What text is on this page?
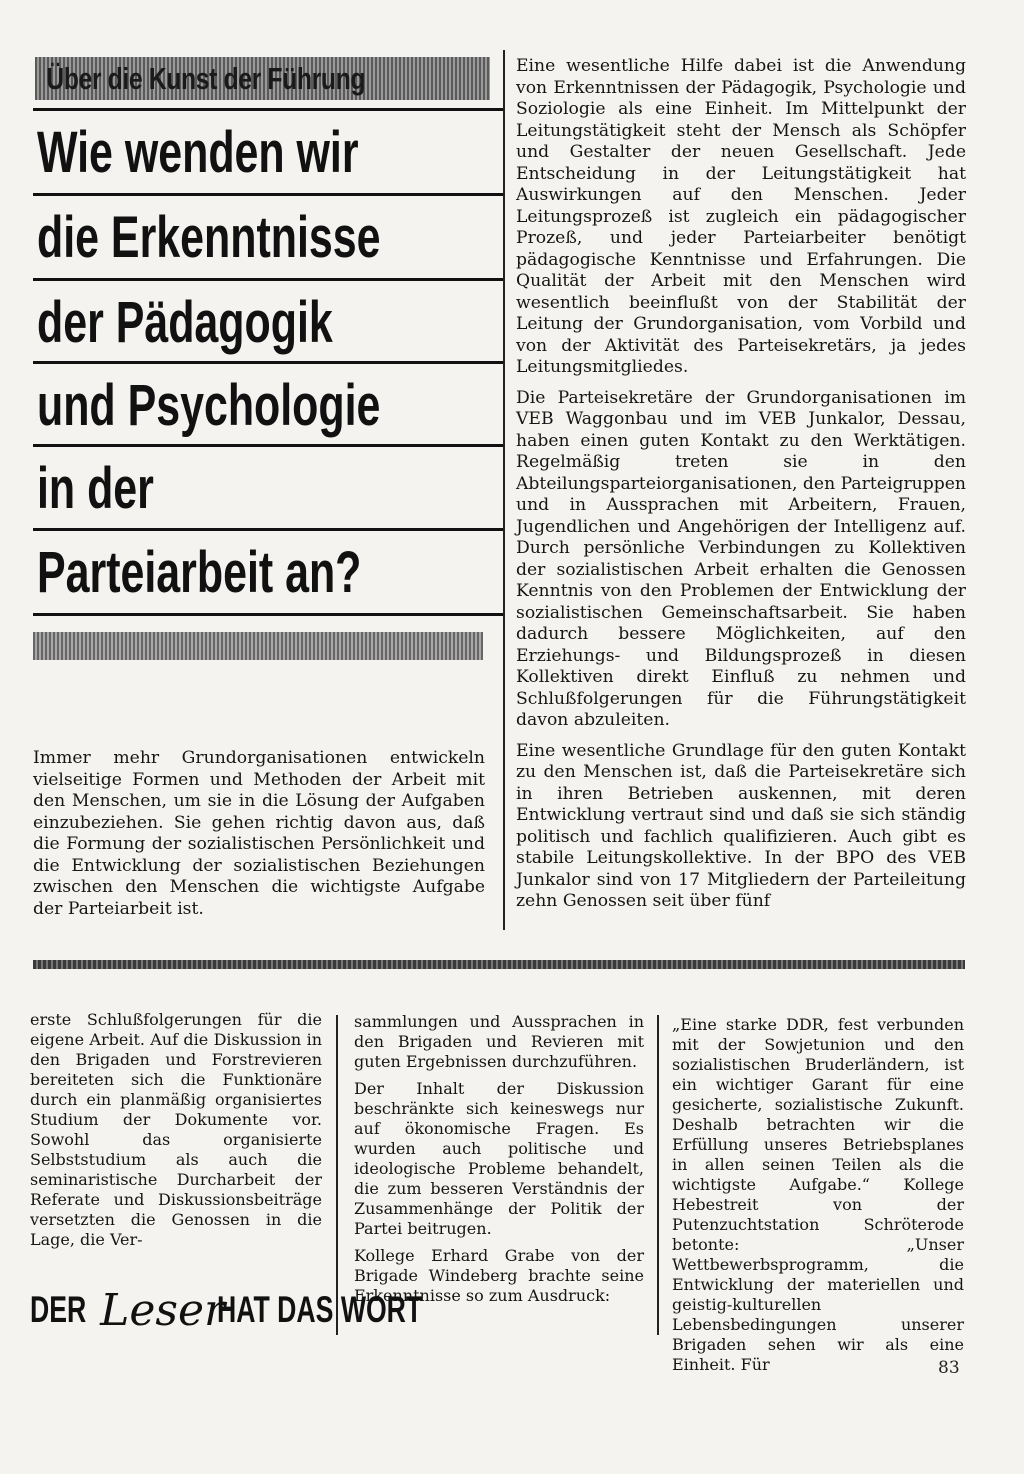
Über die Kunst der Führung
Wie wenden wir
die Erkenntnisse
der Pädagogik
und Psychologie
in der
Parteiarbeit an?

Immer mehr Grundorganisationen entwickeln vielseitige Formen und Methoden der Arbeit mit den Menschen, um sie in die Lösung der Aufgaben einzubeziehen. Sie gehen richtig davon aus, daß die Formung der sozialistischen Persönlichkeit und die Entwicklung der sozialistischen Beziehungen zwischen den Menschen die wichtigste Aufgabe der Parteiarbeit ist.

Eine wesentliche Hilfe dabei ist die Anwendung von Erkenntnissen der Pädagogik, Psychologie und Soziologie als eine Einheit. Im Mittelpunkt der Leitungstätigkeit steht der Mensch als Schöpfer und Gestalter der neuen Gesellschaft. Jede Entscheidung in der Leitungstätigkeit hat Auswirkungen auf den Menschen. Jeder Leitungsprozeß ist zugleich ein pädagogischer Prozeß, und jeder Parteiarbeiter benötigt pädagogische Kenntnisse und Erfahrungen. Die Qualität der Arbeit mit den Menschen wird wesentlich beeinflußt von der Stabilität der Leitung der Grundorganisation, vom Vorbild und von der Aktivität des Parteisekretärs, ja jedes Leitungsmitgliedes.

Die Parteisekretäre der Grundorganisationen im VEB Waggonbau und im VEB Junkalor, Dessau, haben einen guten Kontakt zu den Werktätigen. Regelmäßig treten sie in den Abteilungsparteiorganisationen, den Parteigruppen und in Aussprachen mit Arbeitern, Frauen, Jugendlichen und Angehörigen der Intelligenz auf. Durch persönliche Verbindungen zu Kollektiven der sozialistischen Arbeit erhalten die Genossen Kenntnis von den Problemen der Entwicklung der sozialistischen Gemeinschaftsarbeit. Sie haben dadurch bessere Möglichkeiten, auf den Erziehungs- und Bildungsprozeß in diesen Kollektiven direkt Einfluß zu nehmen und Schlußfolgerungen für die Führungstätigkeit davon abzuleiten.

Eine wesentliche Grundlage für den guten Kontakt zu den Menschen ist, daß die Parteisekretäre sich in ihren Betrieben auskennen, mit deren Entwicklung vertraut sind und daß sie sich ständig politisch und fachlich qualifizieren. Auch gibt es stabile Leitungskollektive. In der BPO des VEB Junkalor sind von 17 Mitgliedern der Parteileitung zehn Genossen seit über fünf

erste Schlußfolgerungen für die eigene Arbeit. Auf die Diskussion in den Brigaden und Forstrevieren bereiteten sich die Funktionäre durch ein planmäßig organisiertes Studium der Dokumente vor. Sowohl das organisierte Selbststudium als auch die seminaristische Durcharbeit der Referate und Diskussionsbeiträge versetzten die Genossen in die Lage, die Ver-

sammlungen und Aussprachen in den Brigaden und Revieren mit guten Ergebnissen durchzuführen.

Der Inhalt der Diskussion beschränkte sich keineswegs nur auf ökonomische Fragen. Es wurden auch politische und ideologische Probleme behandelt, die zum besseren Verständnis der Zusammenhänge der Politik der Partei beitrugen.

Kollege Erhard Grabe von der Brigade Windeberg brachte seine Erkenntnisse so zum Ausdruck:

„Eine starke DDR, fest verbunden mit der Sowjetunion und den sozialistischen Bruderländern, ist ein wichtiger Garant für eine gesicherte, sozialistische Zukunft. Deshalb betrachten wir die Erfüllung unseres Betriebsplanes in allen seinen Teilen als die wichtigste Aufgabe.“ Kollege Hebestreit von der Putenzuchtstation Schröterode betonte: „Unser Wettbewerbsprogramm, die Entwicklung der materiellen und geistig-kulturellen Lebensbedingungen unserer Brigaden sehen wir als eine Einheit. Für

DER Leser
HAT DAS WORT
83
